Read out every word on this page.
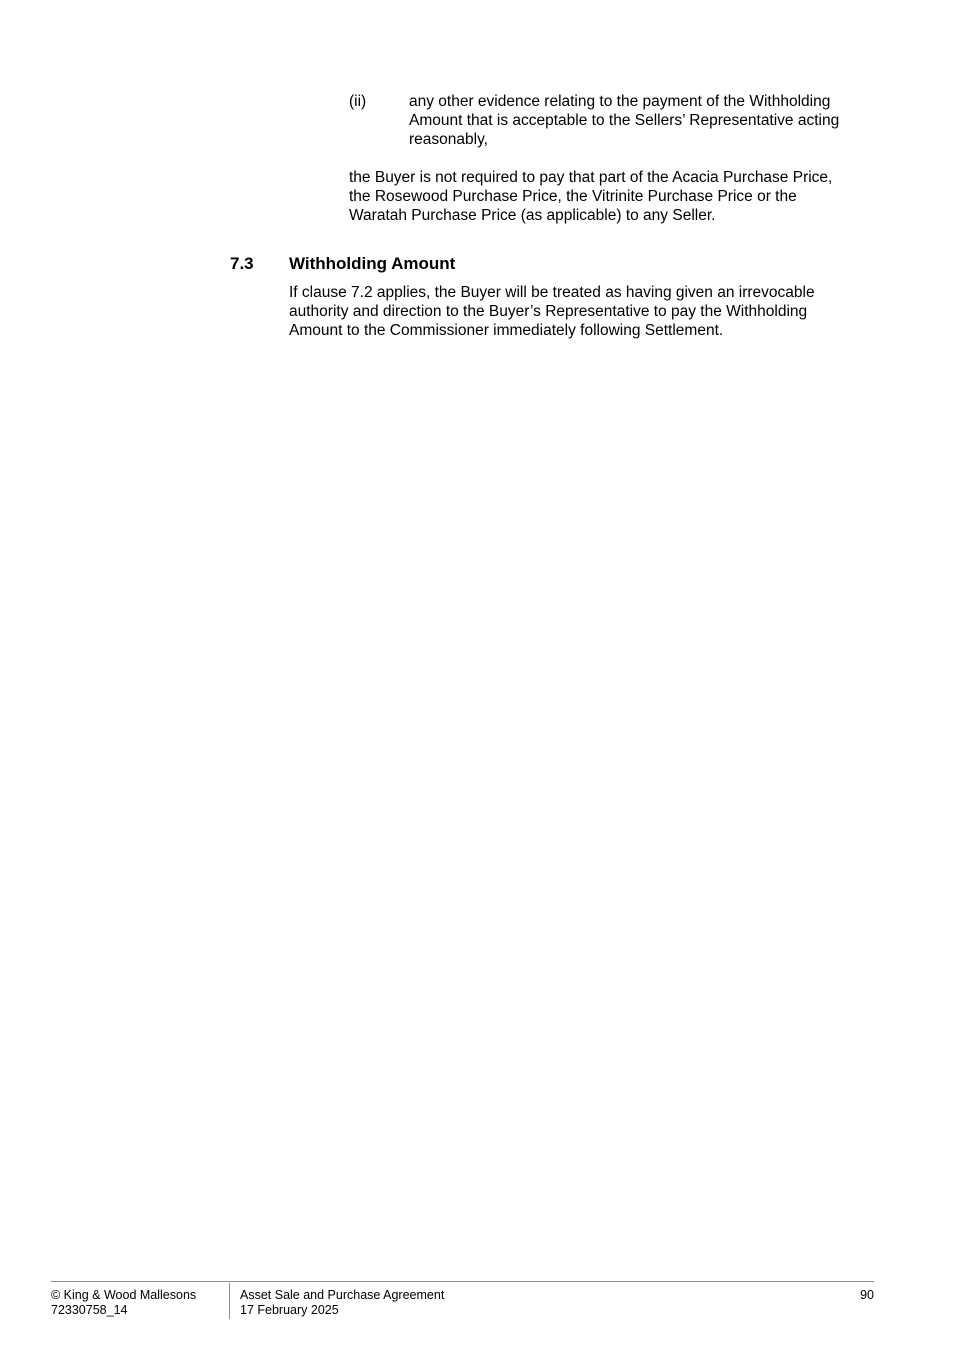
(ii)	any other evidence relating to the payment of the Withholding
Amount that is acceptable to the Sellers’ Representative acting
reasonably,

the Buyer is not required to pay that part of the Acacia Purchase Price,
the Rosewood Purchase Price, the Vitrinite Purchase Price or the
Waratah Purchase Price (as applicable) to any Seller.

7.3 Withholding Amount

If clause 7.2 applies, the Buyer will be treated as having given an irrevocable
authority and direction to the Buyer’s Representative to pay the Withholding
Amount to the Commissioner immediately following Settlement.

© King & Wood Mallesons
72330758_14
Asset Sale and Purchase Agreement
17 February 2025
90
